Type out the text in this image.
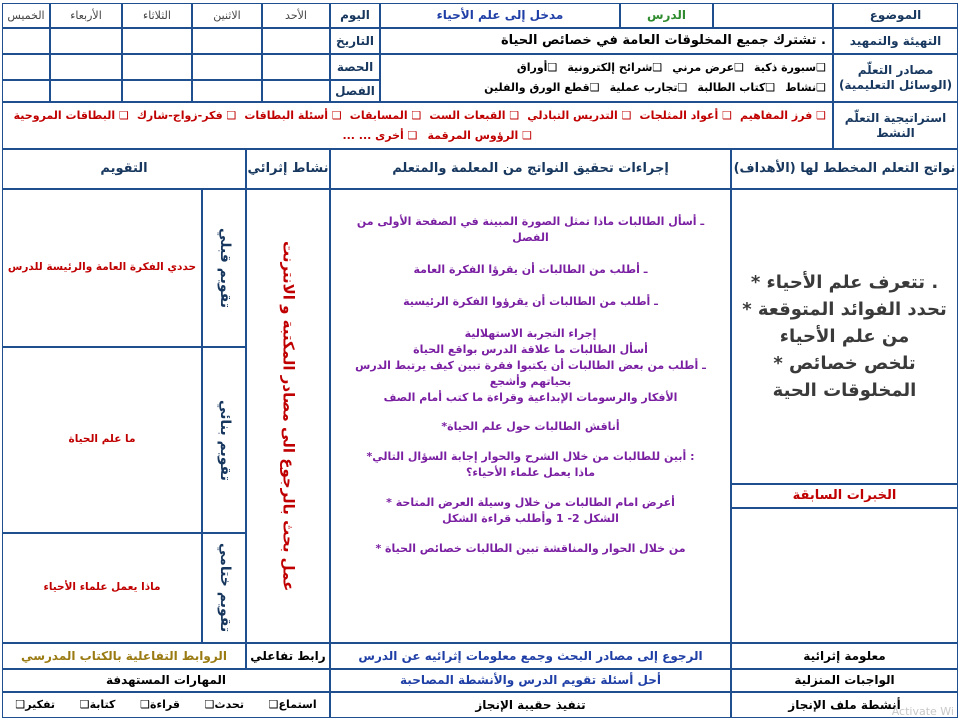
الموضوع
الدرس
مدخل إلى علم الأحياء
اليوم
الأحد
الاثنين
الثلاثاء
الأربعاء
الخميس
التهيئة والتمهيد
تشترك جميع المخلوقات العامة في خصائص الحياة .
التاريخ
مصادر التعلّم (الوسائل التعليمية)
❑سبورة ذكية
❑عرض مرني
❑شرائح إلكترونية
❑أوراق
❑نشاط
❑كتاب الطالبة
❑تجارب عملية
❑قطع الورق والفلين
الحصة
الفصل
استراتيجية التعلّم النشط
❑ فرز المفاهيم
❑ أعواد المثلجات
❑ التدريس التبادلي
❑ القبعات الست
❑ المسابقات
❑ أسئلة البطاقات
❑ فكر-زواج-شارك
❑ البطاقات المروحية
❑ الرؤوس المرقمة
❑ أخرى ... ...
نواتج التعلم المخطط لها (الأهداف)
إجراءات تحقيق النواتج من المعلمة والمتعلم
نشاط إثرائي
التقويم
* تتعرف علم الأحياء .
* تحدد الفوائد المتوقعة من علم الأحياء
* تلخص خصائص المخلوقات الحية
الخبرات السابقة
ـ أسأل الطالبات ماذا تمثل الصورة المبينة في الصفحة الأولى من الفصل
ـ أطلب من الطالبات أن يقرؤا الفكرة العامة
ـ أطلب من الطالبات أن يقرؤوا الفكرة الرئيسية
إجراء التجربة الاستهلالية
أسأل الطالبات ما علاقة الدرس بواقع الحياة
ـ أطلب من بعض الطالبات أن يكتبوا فقرة تبين كيف يرتبط الدرس بحياتهم وأشجع
الأفكار والرسومات الإبداعية وقراءة ما كتب أمام الصف
*أناقش الطالبات حول علم الحياة
*أبين للطالبات من خلال الشرح والحوار إجابة السؤال التالي :
ماذا يعمل علماء الأحياء؟
* أعرض امام الطالبات من خلال وسيلة العرض المتاحة
الشكل 2- 1 وأطلب قراءة الشكل
* من خلال الحوار والمناقشة تبين الطالبات خصائص الحياة
عمل بحث بالرجوع الى مصادر المكتبة و الانترنت
تقويم قبلي
حددي الفكرة العامة والرئيسة للدرس
تقويم بنائي
ما علم الحياة
تقويم ختامي
ماذا يعمل علماء الأحياء
معلومة إثرائية
الرجوع إلى مصادر البحث وجمع معلومات إثرائيه عن الدرس
رابط تفاعلي
الروابط التفاعلية بالكتاب المدرسي
الواجبات المنزلية
أحل أسئلة تقويم الدرس والأنشطة المصاحبة
المهارات المستهدفة
أنشطة ملف الإنجاز
تنفيذ حقيبة الإنجاز
استماع❑
تحدث❑
قراءة❑
كتابة❑
تفكير❑
Activate Wi
